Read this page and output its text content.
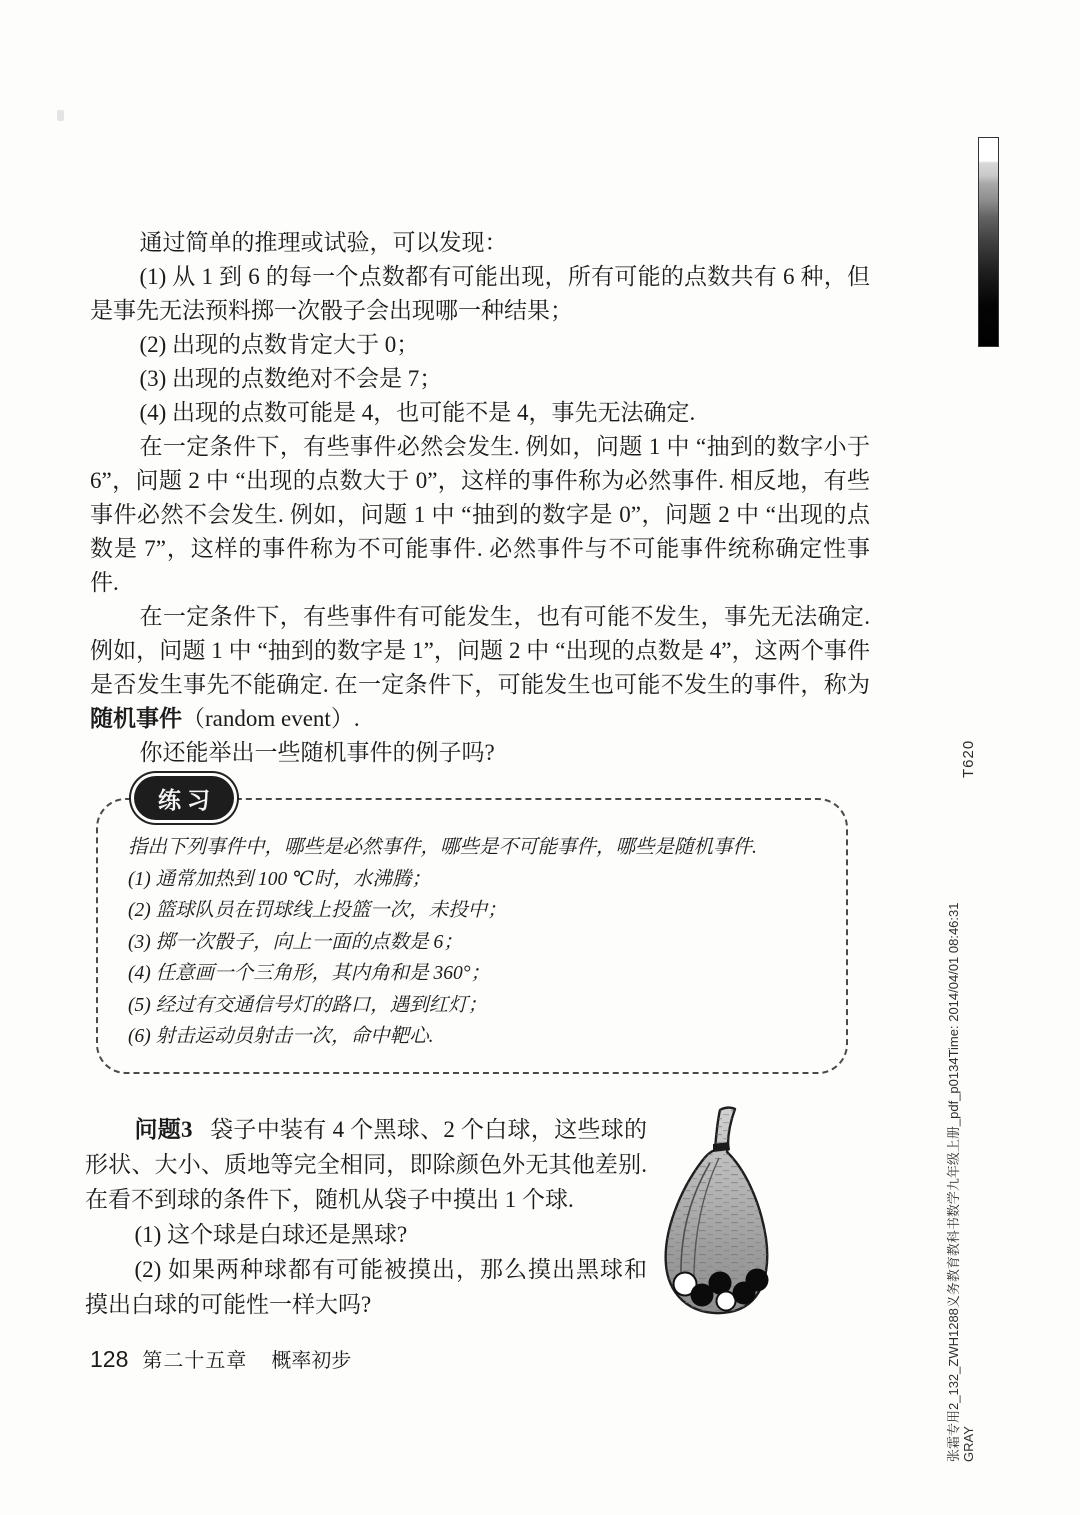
通过简单的推理或试验，可以发现：

(1) 从 1 到 6 的每一个点数都有可能出现，所有可能的点数共有 6 种，但是事先无法预料掷一次骰子会出现哪一种结果；

(2) 出现的点数肯定大于 0；

(3) 出现的点数绝对不会是 7；

(4) 出现的点数可能是 4，也可能不是 4，事先无法确定.

在一定条件下，有些事件必然会发生. 例如，问题 1 中 “抽到的数字小于 6”，问题 2 中 “出现的点数大于 0”，这样的事件称为必然事件. 相反地，有些事件必然不会发生. 例如，问题 1 中 “抽到的数字是 0”，问题 2 中 “出现的点数是 7”，这样的事件称为不可能事件. 必然事件与不可能事件统称确定性事件.

在一定条件下，有些事件有可能发生，也有可能不发生，事先无法确定. 例如，问题 1 中 “抽到的数字是 1”，问题 2 中 “出现的点数是 4”，这两个事件是否发生事先不能确定. 在一定条件下，可能发生也可能不发生的事件，称为随机事件（random event）.

你还能举出一些随机事件的例子吗?

练习

指出下列事件中，哪些是必然事件，哪些是不可能事件，哪些是随机事件.

(1) 通常加热到 100 ℃时，水沸腾；

(2) 篮球队员在罚球线上投篮一次，未投中；

(3) 掷一次骰子，向上一面的点数是 6；

(4) 任意画一个三角形，其内角和是 360°；

(5) 经过有交通信号灯的路口，遇到红灯；

(6) 射击运动员射击一次，命中靶心.

问题3 袋子中装有 4 个黑球、2 个白球，这些球的形状、大小、质地等完全相同，即除颜色外无其他差别. 在看不到球的条件下，随机从袋子中摸出 1 个球.

(1) 这个球是白球还是黑球?

(2) 如果两种球都有可能被摸出，那么摸出黑球和摸出白球的可能性一样大吗?

128 第二十五章 概率初步
T620
张霜专用2_132_ZWH1288义务教育教科书数学九年级上册_pdf_p0134Time: 2014/04/01 08:46:31 GRAY
